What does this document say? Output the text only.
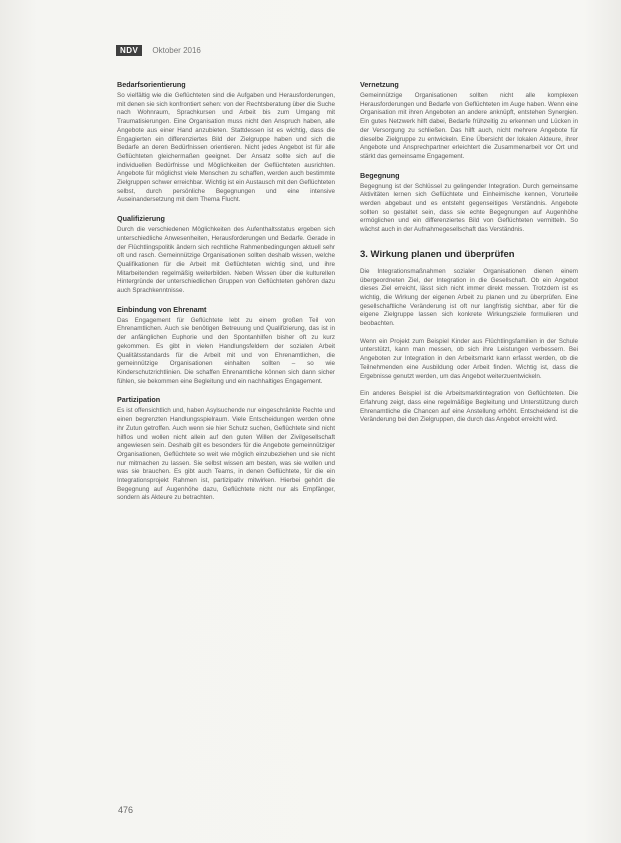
NDV	Oktober 2016
Bedarfsorientierung
So vielfältig wie die Geflüchteten sind die Aufgaben und Herausforderungen, mit denen sie sich konfrontiert sehen: von der Rechtsberatung über die Suche nach Wohnraum, Sprachkursen und Arbeit bis zum Umgang mit Traumatisierungen. Eine Organisation muss nicht den Anspruch haben, alle Angebote aus einer Hand anzubieten. Stattdessen ist es wichtig, dass die Engagierten ein differenziertes Bild der Zielgruppe haben und sich die Bedarfe an deren Bedürfnissen orientieren. Nicht jedes Angebot ist für alle Geflüchteten gleichermaßen geeignet. Der Ansatz sollte sich auf die individuellen Bedürfnisse und Möglichkeiten der Geflüchteten ausrichten. Angebote für möglichst viele Menschen zu schaffen, werden auch bestimmte Zielgruppen schwer erreichbar. Wichtig ist ein Austausch mit den Geflüchteten selbst, durch persönliche Begegnungen und eine intensive Auseinandersetzung mit dem Thema Flucht.
Qualifizierung
Durch die verschiedenen Möglichkeiten des Aufenthaltsstatus ergeben sich unterschiedliche Anwesenheiten, Herausforderungen und Bedarfe. Gerade in der Flüchtlingspolitik ändern sich rechtliche Rahmenbedingungen aktuell sehr oft und rasch. Gemeinnützige Organisationen sollten deshalb wissen, welche Qualifikationen für die Arbeit mit Geflüchteten wichtig sind, und ihre Mitarbeitenden regelmäßig weiterbilden. Neben Wissen über die kulturellen Hintergründe der unterschiedlichen Gruppen von Geflüchteten gehören dazu auch Sprachkenntnisse.
Einbindung von Ehrenamt
Das Engagement für Geflüchtete lebt zu einem großen Teil von Ehrenamtlichen. Auch sie benötigen Betreuung und Qualifizierung, das ist in der anfänglichen Euphorie und den Spontanhilfen bisher oft zu kurz gekommen. Es gibt in vielen Handlungsfeldern der sozialen Arbeit Qualitätsstandards für die Arbeit mit und von Ehrenamtlichen, die gemeinnützige Organisationen einhalten sollten – so wie Kinderschutzrichtlinien. Die schaffen Ehrenamtliche können sich dann sicher fühlen, sie bekommen eine Begleitung und ein nachhaltiges Engagement.
Partizipation
Es ist offensichtlich und, haben Asylsuchende nur eingeschränkte Rechte und einen begrenzten Handlungsspielraum. Viele Entscheidungen werden ohne ihr Zutun getroffen. Auch wenn sie hier Schutz suchen, Geflüchtete sind nicht hilflos und wollen nicht allein auf den guten Willen der Zivilgesellschaft angewiesen sein. Deshalb gilt es besonders für die Angebote gemeinnütziger Organisationen, Geflüchtete so weit wie möglich einzubeziehen und sie nicht nur mitmachen zu lassen. Sie selbst wissen am besten, was sie wollen und was sie brauchen. Es gibt auch Teams, in denen Geflüchtete, für die ein Integrationsprojekt Rahmen ist, partizipativ mitwirken. Hierbei gehört die Begegnung auf Augenhöhe dazu, Geflüchtete nicht nur als Empfänger, sondern als Akteure zu betrachten.
Vernetzung
Gemeinnützige Organisationen sollten nicht alle komplexen Herausforderungen und Bedarfe von Geflüchteten im Auge haben. Wenn eine Organisation mit ihren Angeboten an andere anknüpft, entstehen Synergien. Ein gutes Netzwerk hilft dabei, Bedarfe frühzeitig zu erkennen und Lücken in der Versorgung zu schließen. Das hilft auch, nicht mehrere Angebote für dieselbe Zielgruppe zu entwickeln. Eine Übersicht der lokalen Akteure, ihrer Angebote und Ansprechpartner erleichtert die Zusammenarbeit vor Ort und stärkt das gemeinsame Engagement.
Begegnung
Begegnung ist der Schlüssel zu gelingender Integration. Durch gemeinsame Aktivitäten lernen sich Geflüchtete und Einheimische kennen, Vorurteile werden abgebaut und es entsteht gegenseitiges Verständnis. Angebote sollten so gestaltet sein, dass sie echte Begegnungen auf Augenhöhe ermöglichen und ein differenziertes Bild von Geflüchteten vermitteln. So wächst auch in der Aufnahmegesellschaft das Verständnis.
3. Wirkung planen und überprüfen
Die Integrationsmaßnahmen sozialer Organisationen dienen einem übergeordneten Ziel, der Integration in die Gesellschaft. Ob ein Angebot dieses Ziel erreicht, lässt sich nicht immer direkt messen. Trotzdem ist es wichtig, die Wirkung der eigenen Arbeit zu planen und zu überprüfen. Eine gesellschaftliche Veränderung ist oft nur langfristig sichtbar, aber für die eigene Zielgruppe lassen sich konkrete Wirkungsziele formulieren und beobachten.
Wenn ein Projekt zum Beispiel Kinder aus Flüchtlingsfamilien in der Schule unterstützt, kann man messen, ob sich ihre Leistungen verbessern. Bei Angeboten zur Integration in den Arbeitsmarkt kann erfasst werden, ob die Teilnehmenden eine Ausbildung oder Arbeit finden. Wichtig ist, dass die Ergebnisse genutzt werden, um das Angebot weiterzuentwickeln.
Ein anderes Beispiel ist die Arbeitsmarktintegration von Geflüchteten. Die Erfahrung zeigt, dass eine regelmäßige Begleitung und Unterstützung durch Ehrenamtliche die Chancen auf eine Anstellung erhöht. Entscheidend ist die Veränderung bei den Zielgruppen, die durch das Angebot erreicht wird.
476
